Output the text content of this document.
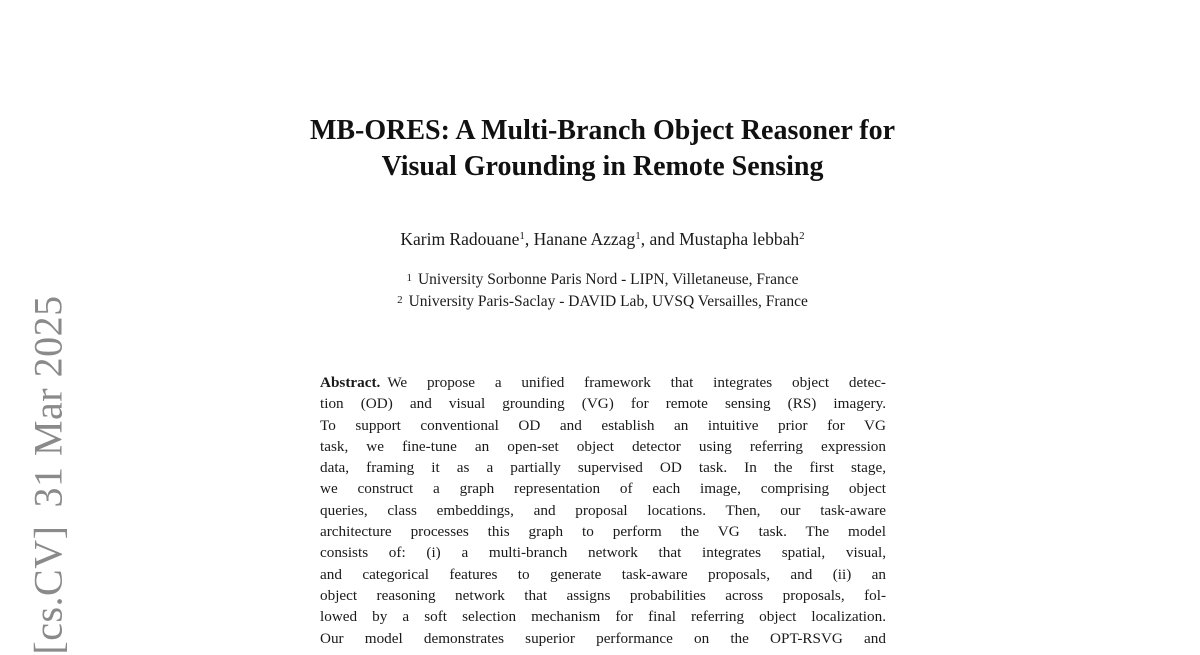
[cs.CV]31 Mar 2025
MB-ORES: A Multi-Branch Object Reasoner for
Visual Grounding in Remote Sensing
Karim Radouane$^1$, Hanane Azzag$^1$, and Mustapha lebbah$^2$
$^1$ University Sorbonne Paris Nord - LIPN, Villetaneuse, France
$^2$ University Paris-Saclay - DAVID Lab, UVSQ Versailles, France
Abstract. We propose a unified framework that integrates object detec-
tion (OD) and visual grounding (VG) for remote sensing (RS) imagery.
To support conventional OD and establish an intuitive prior for VG
task, we fine-tune an open-set object detector using referring expression
data, framing it as a partially supervised OD task. In the first stage,
we construct a graph representation of each image, comprising object
queries, class embeddings, and proposal locations. Then, our task-aware
architecture processes this graph to perform the VG task. The model
consists of: (i) a multi-branch network that integrates spatial, visual,
and categorical features to generate task-aware proposals, and (ii) an
object reasoning network that assigns probabilities across proposals, fol-
lowed by a soft selection mechanism for final referring object localization.
Our model demonstrates superior performance on the OPT-RSVG and
